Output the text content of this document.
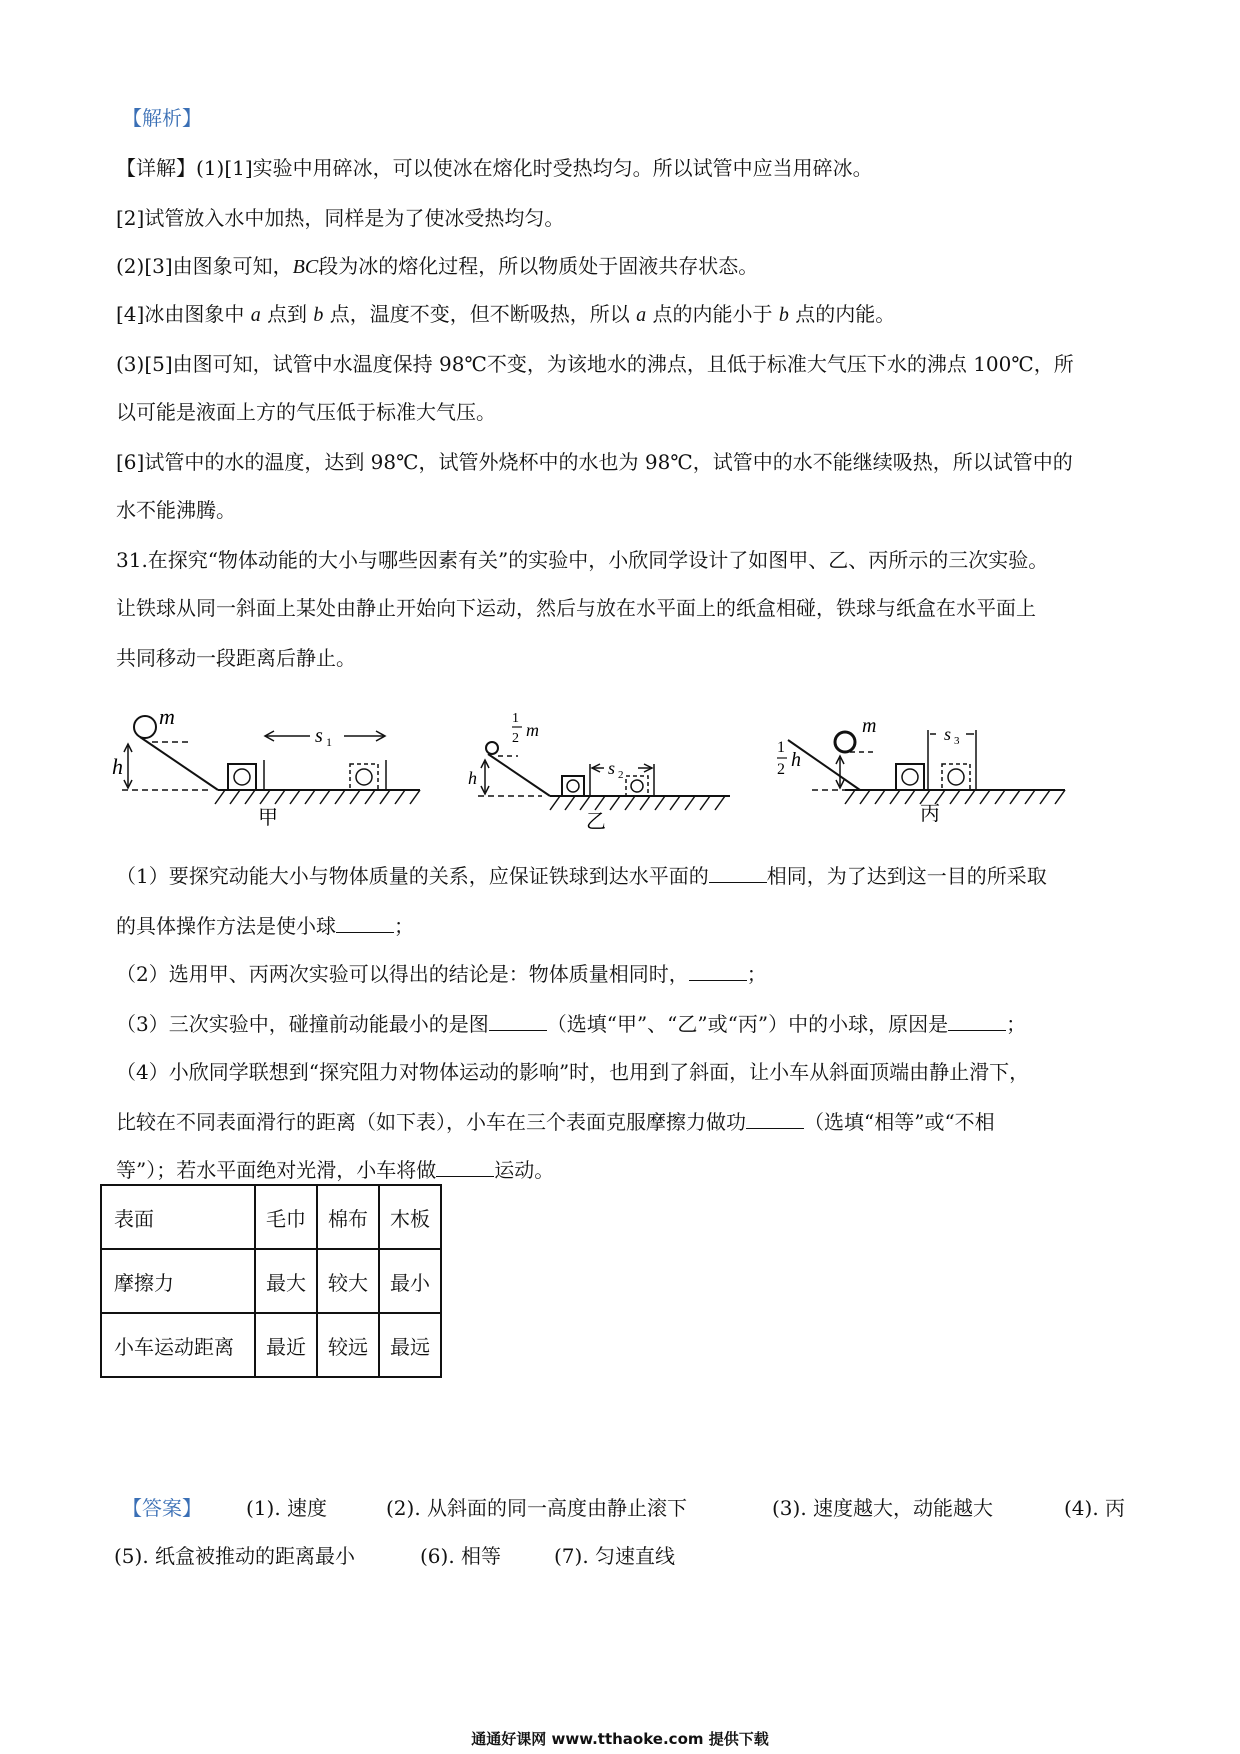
【解析】
【详解】(1)[1]实验中用碎冰，可以使冰在熔化时受热均匀。所以试管中应当用碎冰。
[2]试管放入水中加热，同样是为了使冰受热均匀。
(2)[3]由图象可知，BC段为冰的熔化过程，所以物质处于固液共存状态。
[4]冰由图象中 a 点到 b 点，温度不变，但不断吸热，所以 a 点的内能小于 b 点的内能。
(3)[5]由图可知，试管中水温度保持 98℃不变，为该地水的沸点，且低于标准大气压下水的沸点 100℃，所
以可能是液面上方的气压低于标准大气压。
[6]试管中的水的温度，达到 98℃，试管外烧杯中的水也为 98℃，试管中的水不能继续吸热，所以试管中的
水不能沸腾。
31.在探究“物体动能的大小与哪些因素有关”的实验中，小欣同学设计了如图甲、乙、丙所示的三次实验。
让铁球从同一斜面上某处由静止开始向下运动，然后与放在水平面上的纸盒相碰，铁球与纸盒在水平面上
共同移动一段距离后静止。
m
h
s 1
甲
1
2 m
h	s 2
乙
1
2 h
m	s 3
丙
（1）要探究动能大小与物体质量的关系，应保证铁球到达水平面的	相同，为了达到这一目的所采取
的具体操作方法是使小球	；
（2）选用甲、丙两次实验可以得出的结论是：物体质量相同时，	；
（3）三次实验中，碰撞前动能最小的是图	（选填“甲”、“乙”或“丙”）中的小球，原因是	；
（4）小欣同学联想到“探究阻力对物体运动的影响”时，也用到了斜面，让小车从斜面顶端由静止滑下，
比较在不同表面滑行的距离（如下表），小车在三个表面克服摩擦力做功	（选填“相等”或“不相
等”）；若水平面绝对光滑，小车将做	运动。
表面	毛巾	棉布	木板
摩擦力	最大	较大	最小
小车运动距离	最近	较远	最远
【答案】 (1). 速度	(2). 从斜面的同一高度由静止滚下	(3). 速度越大，动能越大	(4). 丙
(5). 纸盒被推动的距离最小	(6). 相等	(7). 匀速直线
通通好课网 www.tthaoke.com 提供下载
